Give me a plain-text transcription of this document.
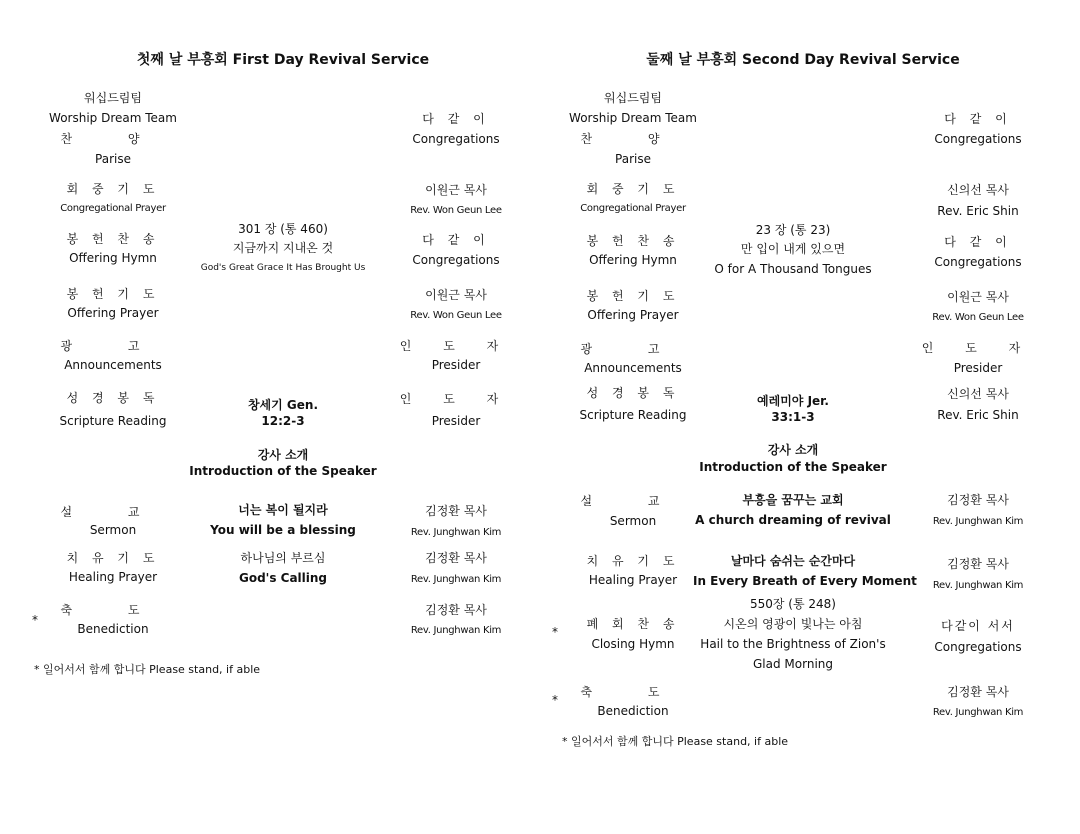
첫째 날 부흥회 First Day Revival Service
워십드림팀
Worship Dream Team
찬 양
Parise
다 같 이
Congregations
회 중 기 도
Congregational Prayer
이원근 목사
Rev. Won Geun Lee
301 장 (통 460)
지금까지 지내온 것
God's Great Grace It Has Brought Us
봉 헌 찬 송
Offering Hymn
다 같 이
Congregations
봉 헌 기 도
Offering Prayer
이원근 목사
Rev. Won Geun Lee
광 고
Announcements
인 도 자
Presider
성 경 봉 독
Scripture Reading
창세기 Gen.
12:2-3
인 도 자
Presider
강사 소개
Introduction of the Speaker
설 교
Sermon
너는 복이 될지라
You will be a blessing
김정환 목사
Rev. Junghwan Kim
치 유 기 도
Healing Prayer
하나님의 부르심
God's Calling
김정환 목사
Rev. Junghwan Kim
*
축 도
Benediction
김정환 목사
Rev. Junghwan Kim
* 일어서서 함께 합니다 Please stand, if able
둘째 날 부흥회 Second Day Revival Service
워십드림팀
Worship Dream Team
찬 양
Parise
다 같 이
Congregations
회 중 기 도
Congregational Prayer
신의선 목사
Rev. Eric Shin
23 장 (통 23)
만 입이 내게 있으면
O for A Thousand Tongues
봉 헌 찬 송
Offering Hymn
다 같 이
Congregations
봉 헌 기 도
Offering Prayer
이원근 목사
Rev. Won Geun Lee
광 고
Announcements
인 도 자
Presider
성 경 봉 독
Scripture Reading
예레미야 Jer.
33:1-3
신의선 목사
Rev. Eric Shin
강사 소개
Introduction of the Speaker
설 교
Sermon
부흥을 꿈꾸는 교회
A church dreaming of revival
김정환 목사
Rev. Junghwan Kim
치 유 기 도
Healing Prayer
날마다 숨쉬는 순간마다
In Every Breath of Every Moment
김정환 목사
Rev. Junghwan Kim
550장 (통 248)
시온의 영광이 빛나는 아침
Hail to the Brightness of Zion's
Glad Morning
*
폐 회 찬 송
Closing Hymn
다같이 서서
Congregations
*
축 도
Benediction
김정환 목사
Rev. Junghwan Kim
* 일어서서 함께 합니다 Please stand, if able
